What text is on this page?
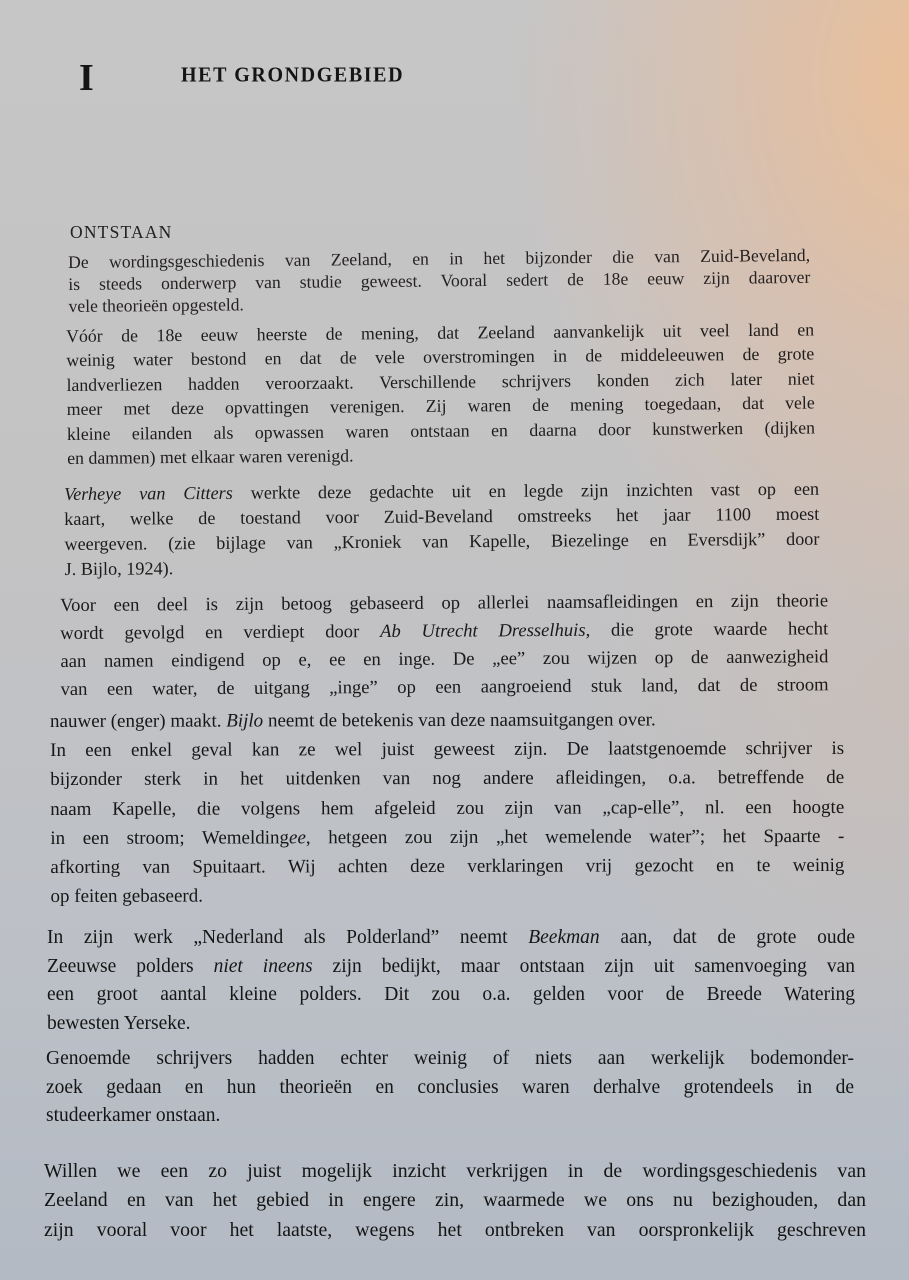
I	HET GRONDGEBIED
ONTSTAAN
De wordingsgeschiedenis van Zeeland, en in het bijzonder die van Zuid-Beveland,
is steeds onderwerp van studie geweest. Vooral sedert de 18e eeuw zijn daarover
vele theorieën opgesteld.
Vóór de 18e eeuw heerste de mening, dat Zeeland aanvankelijk uit veel land en
weinig water bestond en dat de vele overstromingen in de middeleeuwen de grote
landverliezen hadden veroorzaakt. Verschillende schrijvers konden zich later niet
meer met deze opvattingen verenigen. Zij waren de mening toegedaan, dat vele
kleine eilanden als opwassen waren ontstaan en daarna door kunstwerken (dijken
en dammen) met elkaar waren verenigd.
Verheye van Citters werkte deze gedachte uit en legde zijn inzichten vast op een
kaart, welke de toestand voor Zuid-Beveland omstreeks het jaar 1100 moest
weergeven. (zie bijlage van „Kroniek van Kapelle, Biezelinge en Eversdijk” door
J. Bijlo, 1924).
Voor een deel is zijn betoog gebaseerd op allerlei naamsafleidingen en zijn theorie
wordt gevolgd en verdiept door Ab Utrecht Dresselhuis, die grote waarde hecht
aan namen eindigend op e, ee en inge. De „ee” zou wijzen op de aanwezigheid
van een water, de uitgang „inge” op een aangroeiend stuk land, dat de stroom
nauwer (enger) maakt. Bijlo neemt de betekenis van deze naamsuitgangen over.
In een enkel geval kan ze wel juist geweest zijn. De laatstgenoemde schrijver is
bijzonder sterk in het uitdenken van nog andere afleidingen, o.a. betreffende de
naam Kapelle, die volgens hem afgeleid zou zijn van „cap-elle”, nl. een hoogte
in een stroom; Wemeldingee, hetgeen zou zijn „het wemelende water”; het Spaarte -
afkorting van Spuitaart. Wij achten deze verklaringen vrij gezocht en te weinig
op feiten gebaseerd.
In zijn werk „Nederland als Polderland” neemt Beekman aan, dat de grote oude
Zeeuwse polders niet ineens zijn bedijkt, maar ontstaan zijn uit samenvoeging van
een groot aantal kleine polders. Dit zou o.a. gelden voor de Breede Watering
bewesten Yerseke.
Genoemde schrijvers hadden echter weinig of niets aan werkelijk bodemonder-
zoek gedaan en hun theorieën en conclusies waren derhalve grotendeels in de
studeerkamer onstaan.
Willen we een zo juist mogelijk inzicht verkrijgen in de wordingsgeschiedenis van
Zeeland en van het gebied in engere zin, waarmede we ons nu bezighouden, dan
zijn vooral voor het laatste, wegens het ontbreken van oorspronkelijk geschreven
